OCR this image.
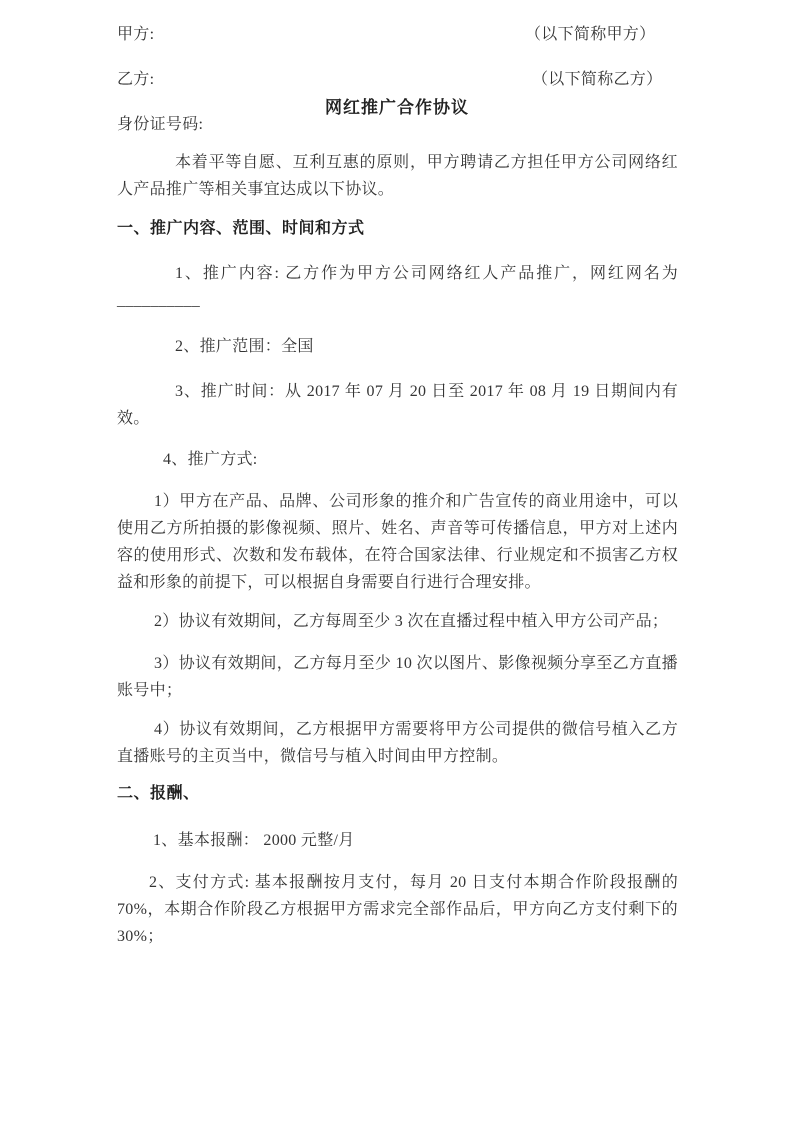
网红推广合作协议

甲方:	（以下简称甲方）

乙方:	（以下简称乙方）

身份证号码:

本着平等自愿、互利互惠的原则，甲方聘请乙方担任甲方公司网络红人产品推广等相关事宜达成以下协议。

一、推广内容、范围、时间和方式

1、推广内容: 乙方作为甲方公司网络红人产品推广，网红网名为__________

2、推广范围：全国

3、推广时间：从 2017 年 07 月 20 日至 2017 年 08 月 19 日期间内有效。

4、推广方式:

1）甲方在产品、品牌、公司形象的推介和广告宣传的商业用途中，可以使用乙方所拍摄的影像视频、照片、姓名、声音等可传播信息，甲方对上述内容的使用形式、次数和发布载体，在符合国家法律、行业规定和不损害乙方权益和形象的前提下，可以根据自身需要自行进行合理安排。

2）协议有效期间，乙方每周至少 3 次在直播过程中植入甲方公司产品；

3）协议有效期间，乙方每月至少 10 次以图片、影像视频分享至乙方直播账号中；

4）协议有效期间，乙方根据甲方需要将甲方公司提供的微信号植入乙方直播账号的主页当中，微信号与植入时间由甲方控制。

二、报酬、

1、基本报酬： 2000 元整/月

2、支付方式: 基本报酬按月支付，每月 20 日支付本期合作阶段报酬的 70%，本期合作阶段乙方根据甲方需求完全部作品后，甲方向乙方支付剩下的 30%；
